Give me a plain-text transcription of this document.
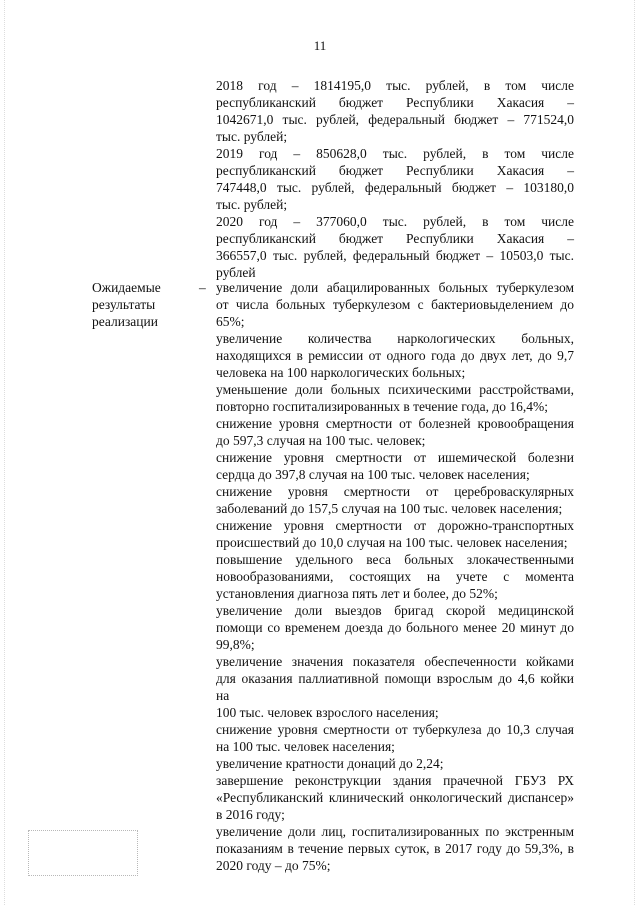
11
2018 год – 1814195,0 тыс. рублей, в том числе
республиканский бюджет Республики Хакасия –
1042671,0 тыс. рублей, федеральный бюджет – 771524,0
тыс. рублей;
2019 год – 850628,0 тыс. рублей, в том числе
республиканский бюджет Республики Хакасия –
747448,0 тыс. рублей, федеральный бюджет – 103180,0
тыс. рублей;
2020 год – 377060,0 тыс. рублей, в том числе
республиканский бюджет Республики Хакасия –
366557,0 тыс. рублей, федеральный бюджет – 10503,0 тыс.
рублей
Ожидаемые
результаты
реализации
– увеличение доли абацилированных больных туберкулезом
от числа больных туберкулезом с бактериовыделением до
65%;
увеличение количества наркологических больных,
находящихся в ремиссии от одного года до двух лет, до 9,7
человека на 100 наркологических больных;
уменьшение доли больных психическими расстройствами,
повторно госпитализированных в течение года, до 16,4%;
снижение уровня смертности от болезней кровообращения
до 597,3 случая на 100 тыс. человек;
снижение уровня смертности от ишемической болезни
сердца до 397,8 случая на 100 тыс. человек населения;
снижение уровня смертности от цереброваскулярных
заболеваний до 157,5 случая на 100 тыс. человек населения;
снижение уровня смертности от дорожно-транспортных
происшествий до 10,0 случая на 100 тыс. человек населения;
повышение удельного веса больных злокачественными
новообразованиями, состоящих на учете с момента
установления диагноза пять лет и более, до 52%;
увеличение доли выездов бригад скорой медицинской
помощи со временем доезда до больного менее 20 минут до
99,8%;
увеличение значения показателя обеспеченности койками
для оказания паллиативной помощи взрослым до 4,6 койки
на
100 тыс. человек взрослого населения;
снижение уровня смертности от туберкулеза до 10,3 случая
на 100 тыс. человек населения;
увеличение кратности донаций до 2,24;
завершение реконструкции здания прачечной ГБУЗ РХ
«Республиканский клинический онкологический диспансер»
в 2016 году;
увеличение доли лиц, госпитализированных по экстренным
показаниям в течение первых суток, в 2017 году до 59,3%, в
2020 году – до 75%;
